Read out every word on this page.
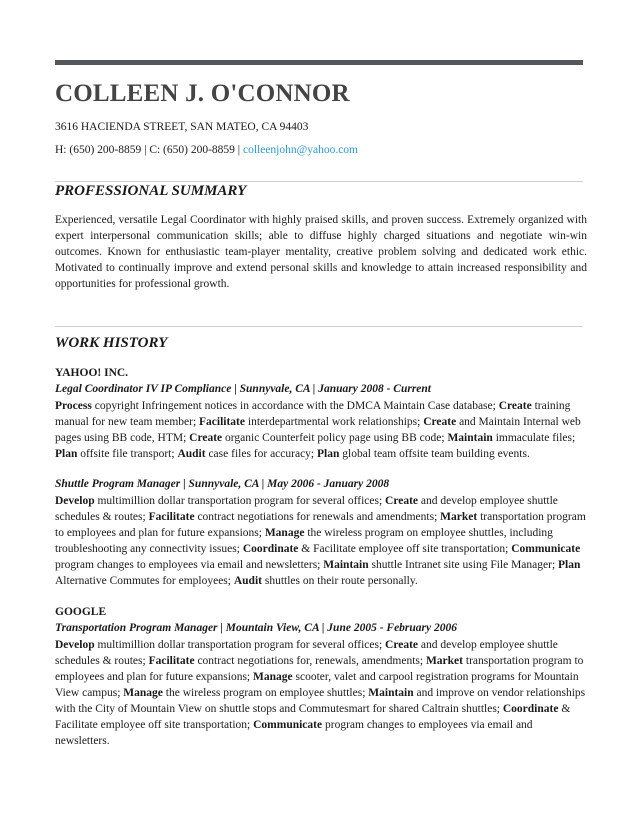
COLLEEN J. O'CONNOR

3616 HACIENDA STREET, SAN MATEO, CA 94403

H: (650) 200-8859 | C: (650) 200-8859 | colleenjohn@yahoo.com

PROFESSIONAL SUMMARY

Experienced, versatile Legal Coordinator with highly praised skills, and proven success. Extremely organized with expert interpersonal communication skills; able to diffuse highly charged situations and negotiate win-win outcomes. Known for enthusiastic team-player mentality, creative problem solving and dedicated work ethic. Motivated to continually improve and extend personal skills and knowledge to attain increased responsibility and opportunities for professional growth.

WORK HISTORY

YAHOO! INC.

Legal Coordinator IV IP Compliance | Sunnyvale, CA | January 2008 - Current

Process copyright Infringement notices in accordance with the DMCA Maintain Case database; Create training manual for new team member; Facilitate interdepartmental work relationships; Create and Maintain Internal web pages using BB code, HTM; Create organic Counterfeit policy page using BB code; Maintain immaculate files; Plan offsite file transport; Audit case files for accuracy; Plan global team offsite team building events.

Shuttle Program Manager | Sunnyvale, CA | May 2006 - January 2008

Develop multimillion dollar transportation program for several offices; Create and develop employee shuttle schedules & routes; Facilitate contract negotiations for renewals and amendments; Market transportation program to employees and plan for future expansions; Manage the wireless program on employee shuttles, including troubleshooting any connectivity issues; Coordinate & Facilitate employee off site transportation; Communicate program changes to employees via email and newsletters; Maintain shuttle Intranet site using File Manager; Plan Alternative Commutes for employees; Audit shuttles on their route personally.

GOOGLE

Transportation Program Manager | Mountain View, CA | June 2005 - February 2006

Develop multimillion dollar transportation program for several offices; Create and develop employee shuttle schedules & routes; Facilitate contract negotiations for, renewals, amendments; Market transportation program to employees and plan for future expansions; Manage scooter, valet and carpool registration programs for Mountain View campus; Manage the wireless program on employee shuttles; Maintain and improve on vendor relationships with the City of Mountain View on shuttle stops and Commutesmart for shared Caltrain shuttles; Coordinate & Facilitate employee off site transportation; Communicate program changes to employees via email and newsletters.
